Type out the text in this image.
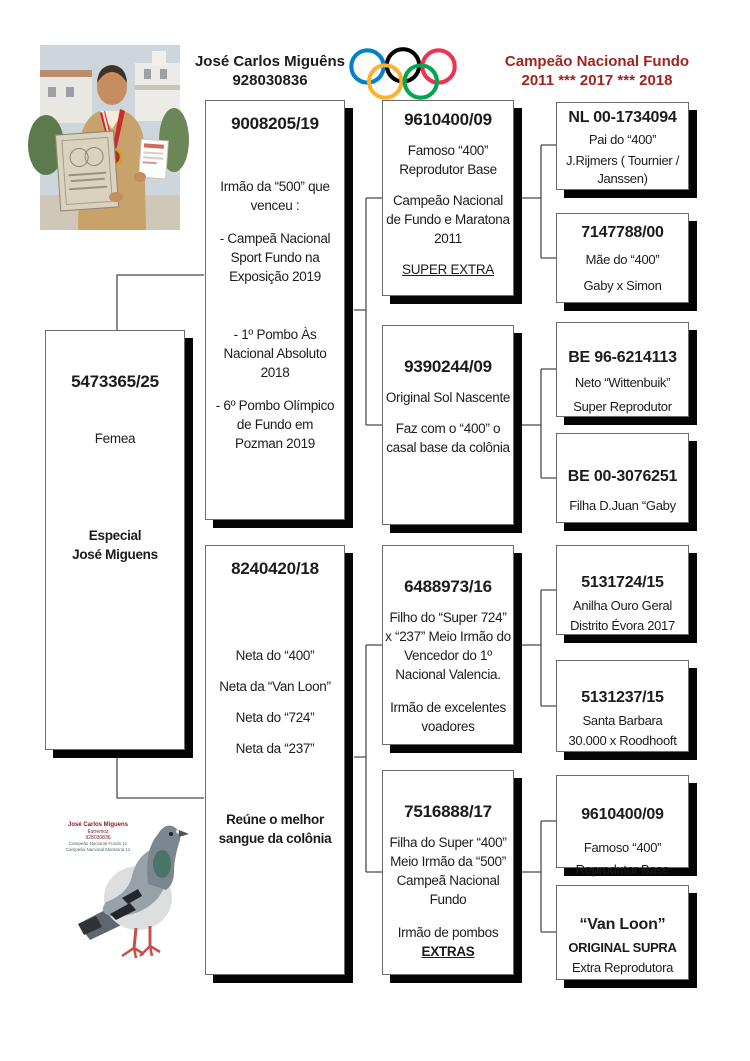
José Carlos Miguêns

928030836

Campeão Nacional Fundo

2011 *** 2017 *** 2018

5473365/25

Femea

Especial

José Miguens

9008205/19

Irmão da “500” que venceu :

- Campeã Nacional Sport Fundo na Exposição 2019

- 1º Pombo Às Nacional Absoluto 2018

- 6º Pombo Olímpico de Fundo em Pozman 2019

8240420/18

Neta do “400”

Neta da “Van Loon”

Neta do “724”

Neta da “237”

Reúne o melhor sangue da colônia

9610400/09

Famoso “400” Reprodutor Base

Campeão Nacional de Fundo e Maratona 2011

SUPER EXTRA

9390244/09

Original Sol Nascente

Faz com o “400” o casal base da colônia

6488973/16

Filho do “Super 724” x “237” Meio Irmão do Vencedor do 1º Nacional Valencia.

Irmão de excelentes voadores

7516888/17

Filha do Super “400” Meio Irmão da “500” Campeã Nacional Fundo

Irmão de pombos

EXTRAS

NL 00-1734094

Pai do “400”

J.Rijmers ( Tournier / Janssen)

7147788/00

Mãe do “400”

Gaby x Simon

BE 96-6214113

Neto “Wittenbuik”

Super Reprodutor

BE 00-3076251

Filha D.Juan “Gaby

5131724/15

Anilha Ouro Geral

Distrito Évora 2017

5131237/15

Santa Barbara

30.000 x Roodhooft

9610400/09

Famoso “400”

Reprodutor Base

“Van Loon”

ORIGINAL SUPRA

Extra Reprodutora

José Carlos Miguens

Estremoz

928030836

Campeão Nacional Fundo 11

Campeão Nacional Maratona 11
